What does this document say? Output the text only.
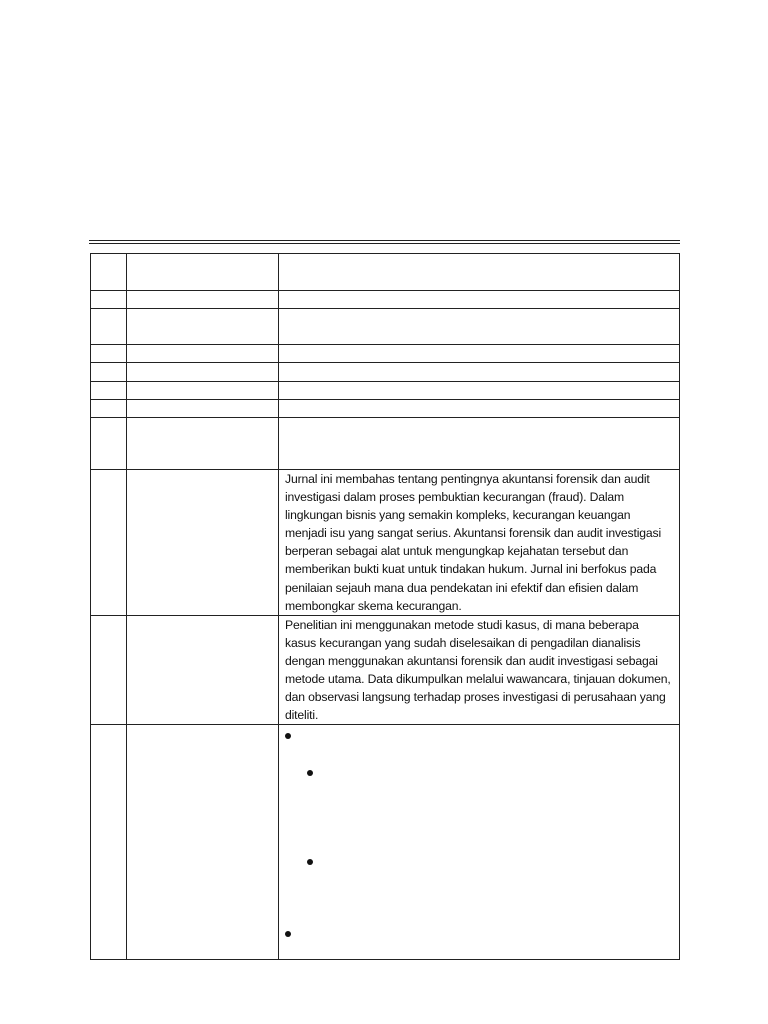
		Jurnal ini membahas tentang pentingnya akuntansi forensik dan audit investigasi dalam proses pembuktian kecurangan (fraud). Dalam lingkungan bisnis yang semakin kompleks, kecurangan keuangan menjadi isu yang sangat serius. Akuntansi forensik dan audit investigasi berperan sebagai alat untuk mengungkap kejahatan tersebut dan memberikan bukti kuat untuk tindakan hukum. Jurnal ini berfokus pada penilaian sejauh mana dua pendekatan ini efektif dan efisien dalam membongkar skema kecurangan.

		Penelitian ini menggunakan metode studi kasus, di mana beberapa kasus kecurangan yang sudah diselesaikan di pengadilan dianalisis dengan menggunakan akuntansi forensik dan audit investigasi sebagai metode utama. Data dikumpulkan melalui wawancara, tinjauan dokumen, dan observasi langsung terhadap proses investigasi di perusahaan yang diteliti.
